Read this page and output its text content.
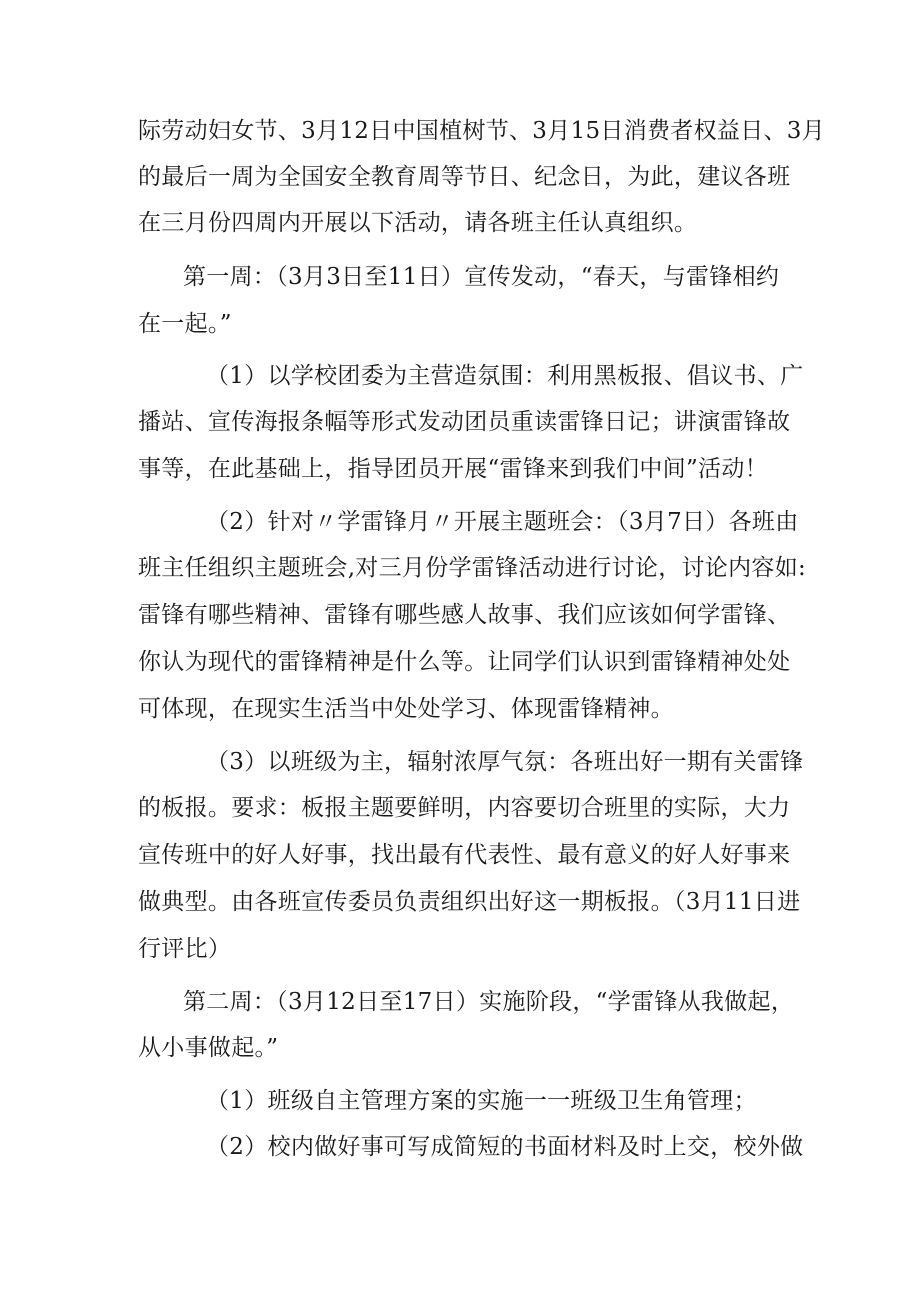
际劳动妇女节、3月12日中国植树节、3月15日消费者权益日、3月
的最后一周为全国安全教育周等节日、纪念日，为此，建议各班
在三月份四周内开展以下活动，请各班主任认真组织。
第一周：（3月3日至11日）宣传发动，“春天，与雷锋相约
在一起。”
（1）以学校团委为主营造氛围：利用黑板报、倡议书、广
播站、宣传海报条幅等形式发动团员重读雷锋日记；讲演雷锋故
事等，在此基础上，指导团员开展“雷锋来到我们中间”活动！
（2）针对〃学雷锋月〃开展主题班会：（3月7日）各班由
班主任组织主题班会,对三月份学雷锋活动进行讨论，讨论内容如:
雷锋有哪些精神、雷锋有哪些感人故事、我们应该如何学雷锋、
你认为现代的雷锋精神是什么等。让同学们认识到雷锋精神处处
可体现，在现实生活当中处处学习、体现雷锋精神。
（3）以班级为主，辐射浓厚气氛：各班出好一期有关雷锋
的板报。要求：板报主题要鲜明，内容要切合班里的实际，大力
宣传班中的好人好事，找出最有代表性、最有意义的好人好事来
做典型。由各班宣传委员负责组织出好这一期板报。（3月11日进
行评比）
第二周：（3月12日至17日）实施阶段，“学雷锋从我做起，
从小事做起。”
（1）班级自主管理方案的实施一一班级卫生角管理；
（2）校内做好事可写成简短的书面材料及时上交，校外做
